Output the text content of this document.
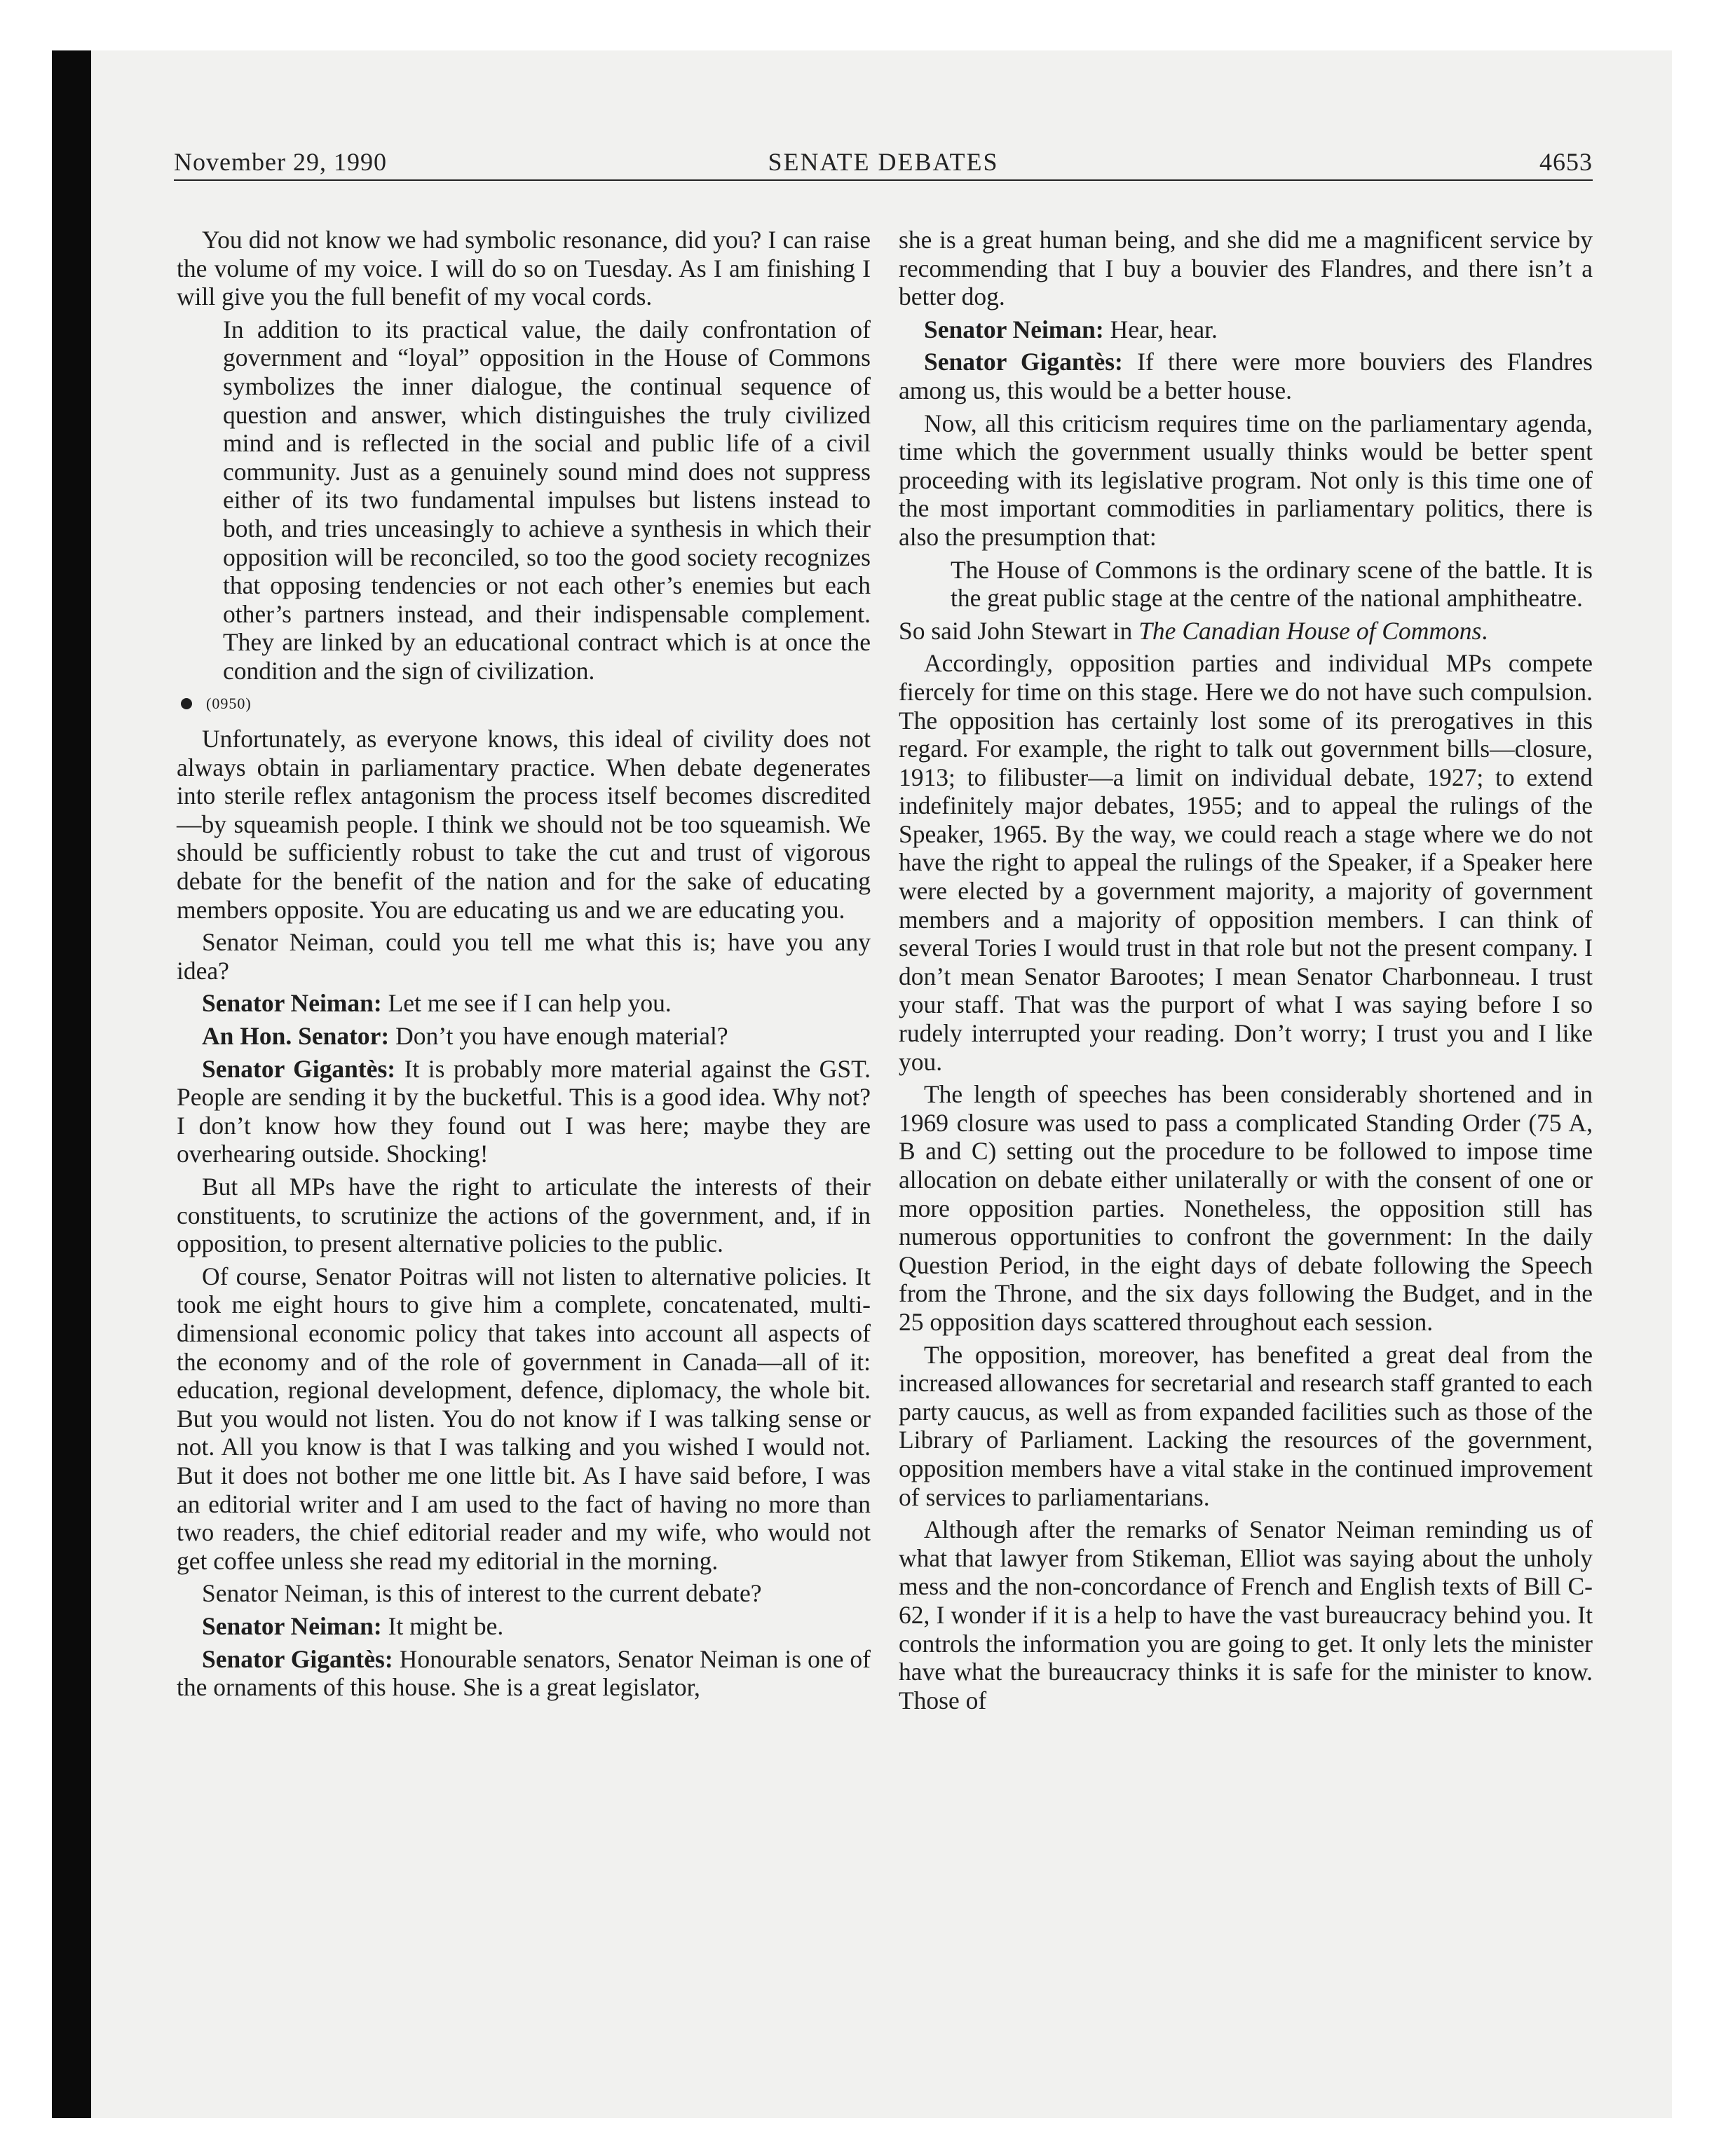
November 29, 1990	SENATE DEBATES	4653

You did not know we had symbolic resonance, did you? I can raise the volume of my voice. I will do so on Tuesday. As I am finishing I will give you the full benefit of my vocal cords.

In addition to its practical value, the daily confrontation of government and “loyal” opposition in the House of Commons symbolizes the inner dialogue, the continual sequence of question and answer, which distinguishes the truly civilized mind and is reflected in the social and public life of a civil community. Just as a genuinely sound mind does not suppress either of its two fundamental impulses but listens instead to both, and tries unceasingly to achieve a synthesis in which their opposition will be reconciled, so too the good society recognizes that opposing tendencies or not each other’s enemies but each other’s partners instead, and their indispensable complement. They are linked by an educational contract which is at once the condition and the sign of civilization.

(0950)

Unfortunately, as everyone knows, this ideal of civility does not always obtain in parliamentary practice. When debate degenerates into sterile reflex antagonism the process itself becomes discredited—by squeamish people. I think we should not be too squeamish. We should be sufficiently robust to take the cut and trust of vigorous debate for the benefit of the nation and for the sake of educating members opposite. You are educating us and we are educating you.

Senator Neiman, could you tell me what this is; have you any idea?

Senator Neiman: Let me see if I can help you.

An Hon. Senator: Don’t you have enough material?

Senator Gigantès: It is probably more material against the GST. People are sending it by the bucketful. This is a good idea. Why not? I don’t know how they found out I was here; maybe they are overhearing outside. Shocking!

But all MPs have the right to articulate the interests of their constituents, to scrutinize the actions of the government, and, if in opposition, to present alternative policies to the public.

Of course, Senator Poitras will not listen to alternative policies. It took me eight hours to give him a complete, concatenated, multi-dimensional economic policy that takes into account all aspects of the economy and of the role of government in Canada—all of it: education, regional development, defence, diplomacy, the whole bit. But you would not listen. You do not know if I was talking sense or not. All you know is that I was talking and you wished I would not. But it does not bother me one little bit. As I have said before, I was an editorial writer and I am used to the fact of having no more than two readers, the chief editorial reader and my wife, who would not get coffee unless she read my editorial in the morning.

Senator Neiman, is this of interest to the current debate?

Senator Neiman: It might be.

Senator Gigantès: Honourable senators, Senator Neiman is one of the ornaments of this house. She is a great legislator,

she is a great human being, and she did me a magnificent service by recommending that I buy a bouvier des Flandres, and there isn’t a better dog.

Senator Neiman: Hear, hear.

Senator Gigantès: If there were more bouviers des Flandres among us, this would be a better house.

Now, all this criticism requires time on the parliamentary agenda, time which the government usually thinks would be better spent proceeding with its legislative program. Not only is this time one of the most important commodities in parliamentary politics, there is also the presumption that:

The House of Commons is the ordinary scene of the battle. It is the great public stage at the centre of the national amphitheatre.

So said John Stewart in The Canadian House of Commons.

Accordingly, opposition parties and individual MPs compete fiercely for time on this stage. Here we do not have such compulsion. The opposition has certainly lost some of its prerogatives in this regard. For example, the right to talk out government bills—closure, 1913; to filibuster—a limit on individual debate, 1927; to extend indefinitely major debates, 1955; and to appeal the rulings of the Speaker, 1965. By the way, we could reach a stage where we do not have the right to appeal the rulings of the Speaker, if a Speaker here were elected by a government majority, a majority of government members and a majority of opposition members. I can think of several Tories I would trust in that role but not the present company. I don’t mean Senator Barootes; I mean Senator Charbonneau. I trust your staff. That was the purport of what I was saying before I so rudely interrupted your reading. Don’t worry; I trust you and I like you.

The length of speeches has been considerably shortened and in 1969 closure was used to pass a complicated Standing Order (75 A, B and C) setting out the procedure to be followed to impose time allocation on debate either unilaterally or with the consent of one or more opposition parties. Nonetheless, the opposition still has numerous opportunities to confront the government: In the daily Question Period, in the eight days of debate following the Speech from the Throne, and the six days following the Budget, and in the 25 opposition days scattered throughout each session.

The opposition, moreover, has benefited a great deal from the increased allowances for secretarial and research staff granted to each party caucus, as well as from expanded facilities such as those of the Library of Parliament. Lacking the resources of the government, opposition members have a vital stake in the continued improvement of services to parliamentarians.

Although after the remarks of Senator Neiman reminding us of what that lawyer from Stikeman, Elliot was saying about the unholy mess and the non-concordance of French and English texts of Bill C-62, I wonder if it is a help to have the vast bureaucracy behind you. It controls the information you are going to get. It only lets the minister have what the bureaucracy thinks it is safe for the minister to know. Those of
